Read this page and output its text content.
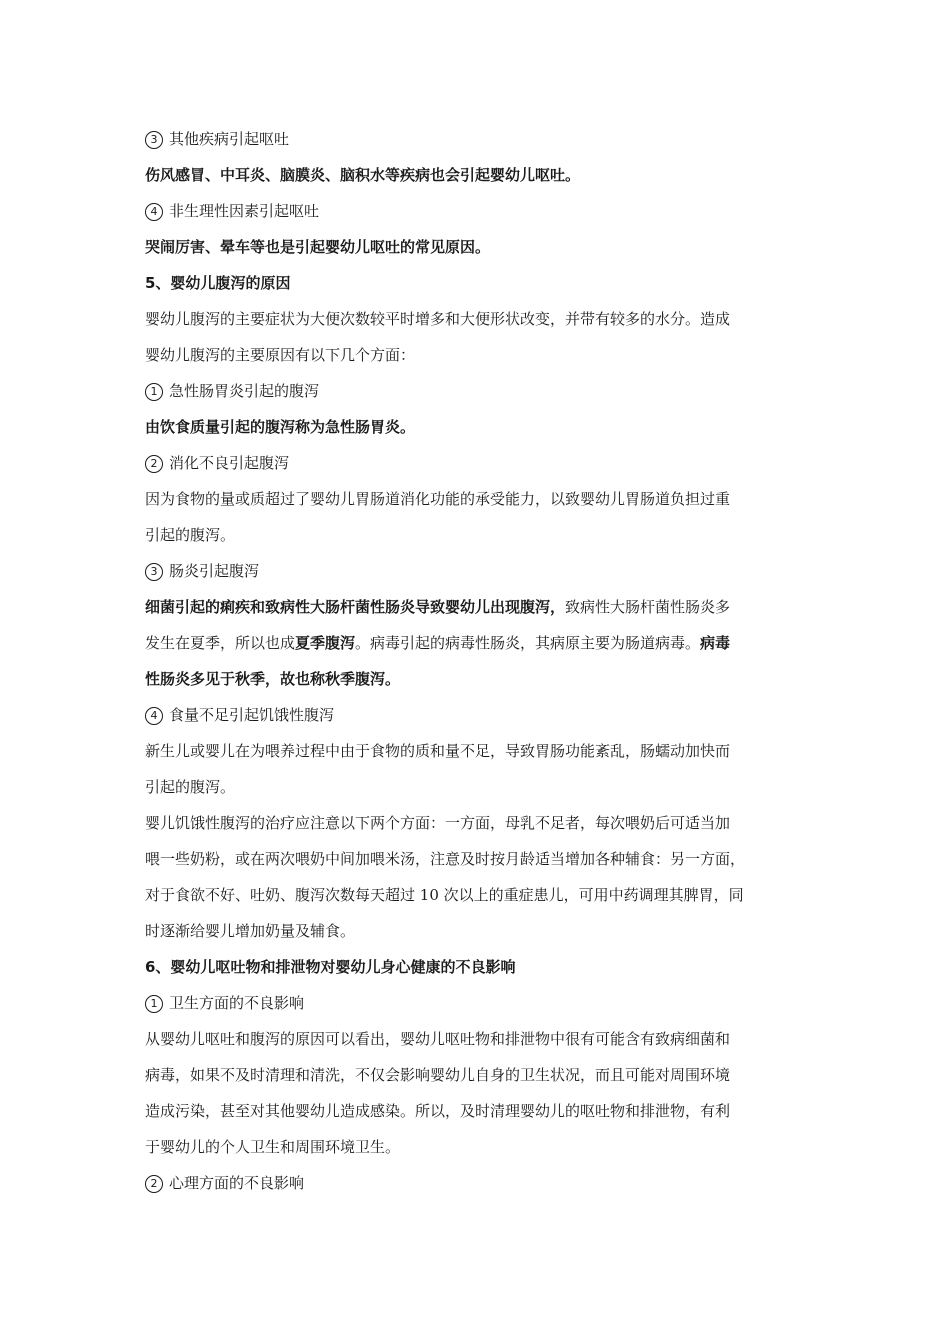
3 其他疾病引起呕吐
伤风感冒、中耳炎、脑膜炎、脑积水等疾病也会引起婴幼儿呕吐。
4 非生理性因素引起呕吐
哭闹厉害、晕车等也是引起婴幼儿呕吐的常见原因。
5、婴幼儿腹泻的原因
婴幼儿腹泻的主要症状为大便次数较平时增多和大便形状改变，并带有较多的水分。造成
婴幼儿腹泻的主要原因有以下几个方面：
1 急性肠胃炎引起的腹泻
由饮食质量引起的腹泻称为急性肠胃炎。
2 消化不良引起腹泻
因为食物的量或质超过了婴幼儿胃肠道消化功能的承受能力，以致婴幼儿胃肠道负担过重
引起的腹泻。
3 肠炎引起腹泻
细菌引起的痢疾和致病性大肠杆菌性肠炎导致婴幼儿出现腹泻，致病性大肠杆菌性肠炎多
发生在夏季，所以也成夏季腹泻。病毒引起的病毒性肠炎，其病原主要为肠道病毒。病毒
性肠炎多见于秋季，故也称秋季腹泻。
4 食量不足引起饥饿性腹泻
新生儿或婴儿在为喂养过程中由于食物的质和量不足，导致胃肠功能紊乱，肠蠕动加快而
引起的腹泻。
婴儿饥饿性腹泻的治疗应注意以下两个方面：一方面，母乳不足者，每次喂奶后可适当加
喂一些奶粉，或在两次喂奶中间加喂米汤，注意及时按月龄适当增加各种辅食：另一方面，
对于食欲不好、吐奶、腹泻次数每天超过 10 次以上的重症患儿，可用中药调理其脾胃，同
时逐渐给婴儿增加奶量及辅食。
6、婴幼儿呕吐物和排泄物对婴幼儿身心健康的不良影响
1 卫生方面的不良影响
从婴幼儿呕吐和腹泻的原因可以看出，婴幼儿呕吐物和排泄物中很有可能含有致病细菌和
病毒，如果不及时清理和清洗，不仅会影响婴幼儿自身的卫生状况，而且可能对周围环境
造成污染，甚至对其他婴幼儿造成感染。所以，及时清理婴幼儿的呕吐物和排泄物，有利
于婴幼儿的个人卫生和周围环境卫生。
2 心理方面的不良影响
